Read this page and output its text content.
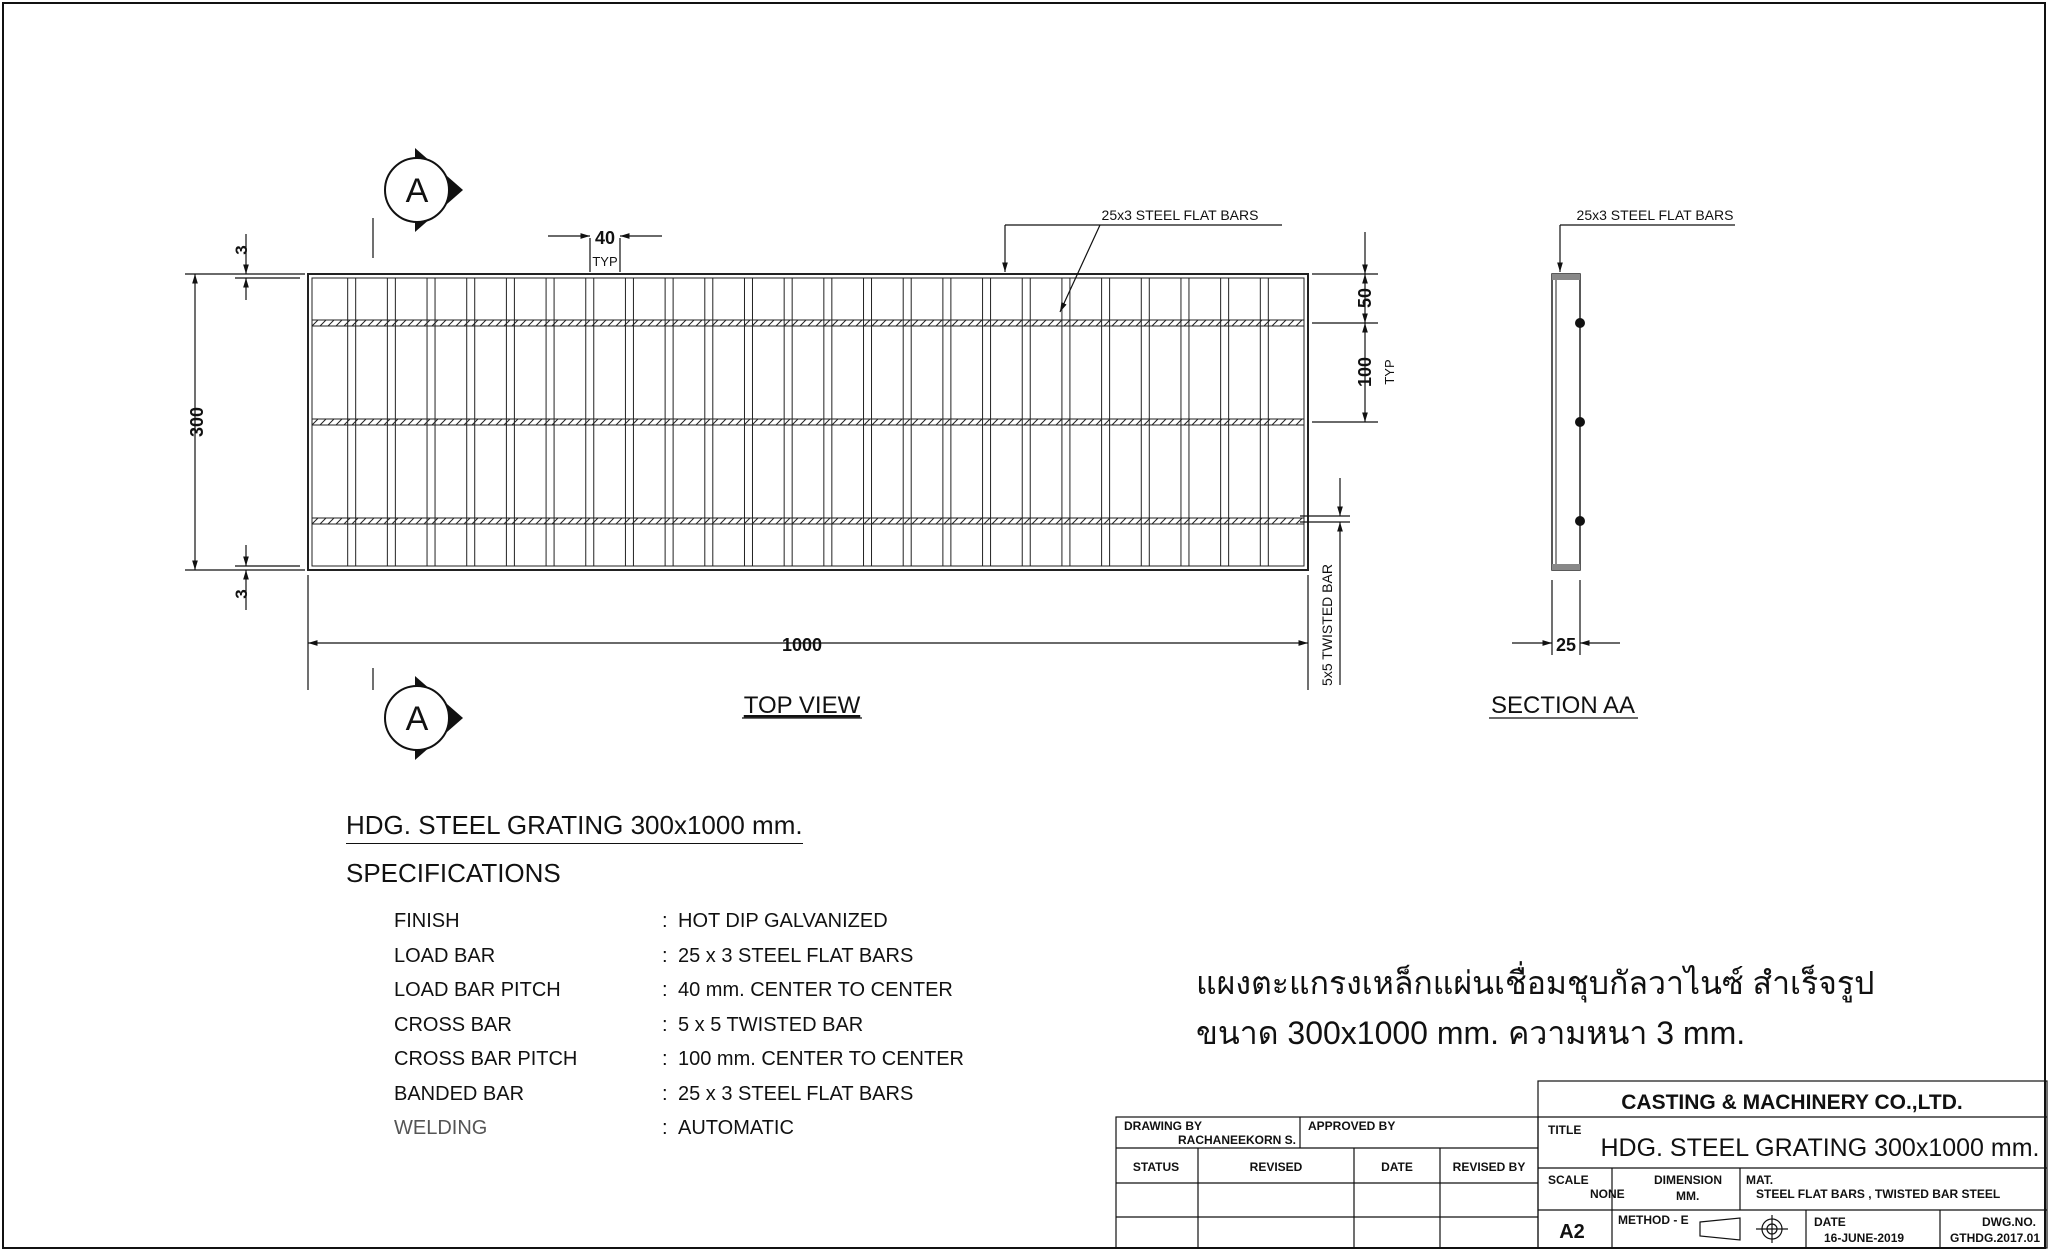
A
A
300
3
3
1000
40
TYP
50
100 TYP
5x5 TWISTED BAR
25x3 STEEL FLAT BARS
TOP VIEW
25x3 STEEL FLAT BARS
25
SECTION AA
CASTING & MACHINERY CO.,LTD.
TITLE
HDG. STEEL GRATING 300x1000 mm.
SCALE
NONE
DIMENSION
MM.
MAT.
STEEL FLAT BARS , TWISTED BAR STEEL
A2
METHOD - E	DATE
16-JUNE-2019
DWG.NO.
GTHDG.2017.01
DRAWING BY
RACHANEEKORN S.
APPROVED BY
STATUS	REVISED	DATE	REVISED BY
HDG. STEEL GRATING 300x1000 mm.
SPECIFICATIONS
FINISH	: HOT DIP GALVANIZED
LOAD BAR	: 25 x 3 STEEL FLAT BARS
LOAD BAR PITCH	: 40 mm. CENTER TO CENTER
CROSS BAR	: 5 x 5 TWISTED BAR
CROSS BAR PITCH	: 100 mm. CENTER TO CENTER
BANDED BAR	: 25 x 3 STEEL FLAT BARS
WELDING	: AUTOMATIC
แผงตะแกรงเหล็กแผ่นเชื่อมชุบกัลวาไนซ์ สำเร็จรูป
ขนาด 300x1000 mm. ความหนา 3 mm.
